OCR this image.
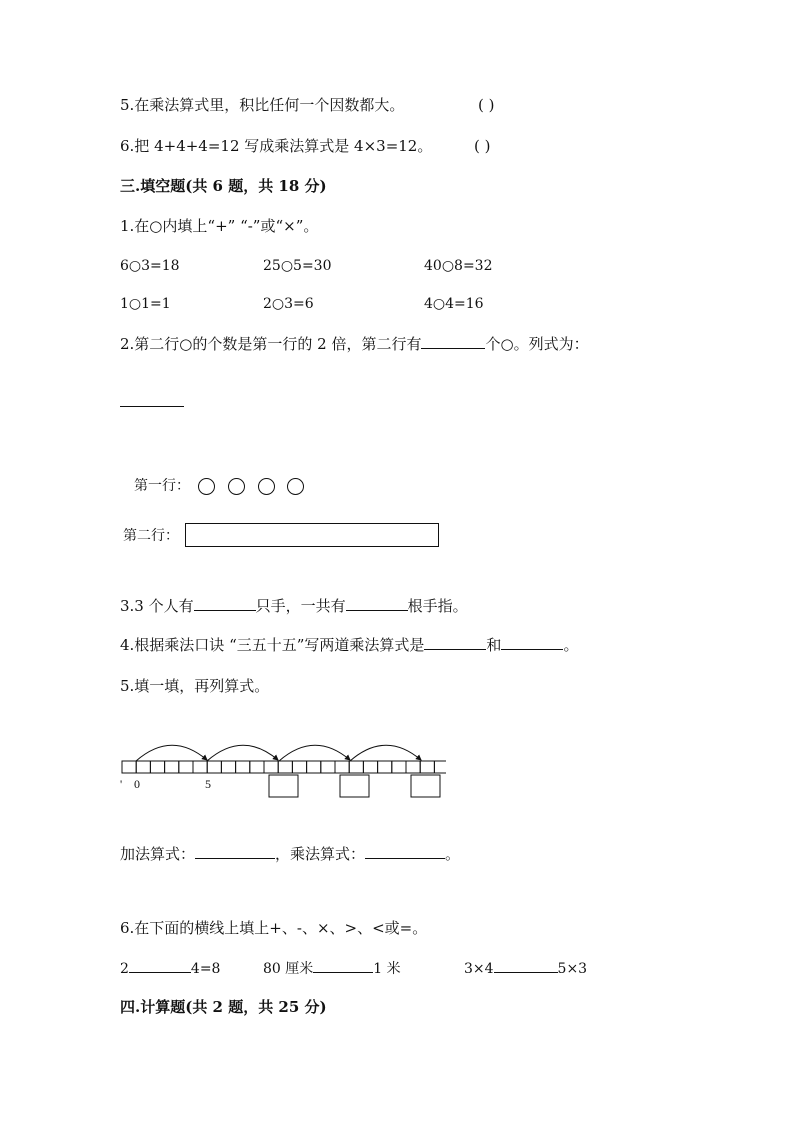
5.在乘法算式里，积比任何一个因数都大。	( )
6.把 4+4+4=12 写成乘法算式是 4×3=12。	( )
三.填空题(共 6 题，共 18 分)
1.在○内填上“+” “-”或“×”。
6○3=18	25○5=30	40○8=32
1○1=1	2○3=6	4○4=16
2.第二行○的个数是第一行的 2 倍，第二行有	个○。列式为：
第一行：
第二行：
3.3 个人有	只手，一共有	根手指。
4.根据乘法口诀 “三五十五”写两道乘法算式是	和	。
5.填一填，再列算式。
' 0	5
加法算式：	，乘法算式：	。
6.在下面的横线上填上+、-、×、>、<或=。
2	4=8	80 厘米	1 米	3×4	5×3
四.计算题(共 2 题，共 25 分)
